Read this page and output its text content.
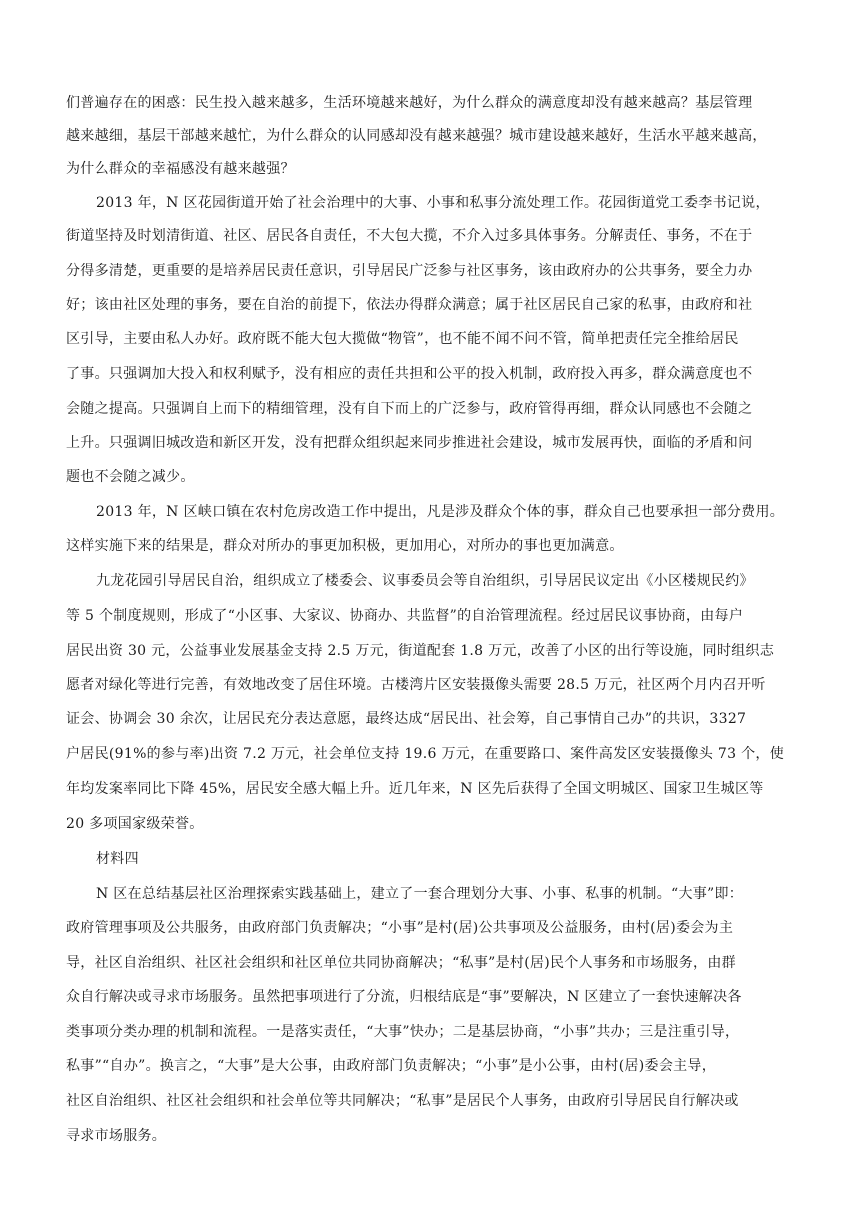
们普遍存在的困惑：民生投入越来越多，生活环境越来越好，为什么群众的满意度却没有越来越高？基层管理
越来越细，基层干部越来越忙，为什么群众的认同感却没有越来越强？城市建设越来越好，生活水平越来越高，
为什么群众的幸福感没有越来越强？
2013 年，N 区花园街道开始了社会治理中的大事、小事和私事分流处理工作。花园街道党工委李书记说，
街道坚持及时划清街道、社区、居民各自责任，不大包大揽，不介入过多具体事务。分解责任、事务，不在于
分得多清楚，更重要的是培养居民责任意识，引导居民广泛参与社区事务，该由政府办的公共事务，要全力办
好；该由社区处理的事务，要在自治的前提下，依法办得群众满意；属于社区居民自己家的私事，由政府和社
区引导，主要由私人办好。政府既不能大包大揽做“物管”，也不能不闻不问不管，简单把责任完全推给居民
了事。只强调加大投入和权利赋予，没有相应的责任共担和公平的投入机制，政府投入再多，群众满意度也不
会随之提高。只强调自上而下的精细管理，没有自下而上的广泛参与，政府管得再细，群众认同感也不会随之
上升。只强调旧城改造和新区开发，没有把群众组织起来同步推进社会建设，城市发展再快，面临的矛盾和问
题也不会随之减少。
2013 年，N 区峡口镇在农村危房改造工作中提出，凡是涉及群众个体的事，群众自己也要承担一部分费用。
这样实施下来的结果是，群众对所办的事更加积极，更加用心，对所办的事也更加满意。
九龙花园引导居民自治，组织成立了楼委会、议事委员会等自治组织，引导居民议定出《小区楼规民约》
等 5 个制度规则，形成了“小区事、大家议、协商办、共监督”的自治管理流程。经过居民议事协商，由每户
居民出资 30 元，公益事业发展基金支持 2.5 万元，街道配套 1.8 万元，改善了小区的出行等设施，同时组织志
愿者对绿化等进行完善，有效地改变了居住环境。古楼湾片区安装摄像头需要 28.5 万元，社区两个月内召开听
证会、协调会 30 余次，让居民充分表达意愿，最终达成“居民出、社会筹，自己事情自己办”的共识，3327
户居民(91%的参与率)出资 7.2 万元，社会单位支持 19.6 万元，在重要路口、案件高发区安装摄像头 73 个，使
年均发案率同比下降 45%，居民安全感大幅上升。近几年来，N 区先后获得了全国文明城区、国家卫生城区等
20 多项国家级荣誉。
材料四
N 区在总结基层社区治理探索实践基础上，建立了一套合理划分大事、小事、私事的机制。“大事”即：
政府管理事项及公共服务，由政府部门负责解决；“小事”是村(居)公共事项及公益服务，由村(居)委会为主
导，社区自治组织、社区社会组织和社区单位共同协商解决；“私事”是村(居)民个人事务和市场服务，由群
众自行解决或寻求市场服务。虽然把事项进行了分流，归根结底是“事”要解决，N 区建立了一套快速解决各
类事项分类办理的机制和流程。一是落实责任，“大事”快办；二是基层协商，“小事”共办；三是注重引导，
私事”“自办”。换言之，“大事”是大公事，由政府部门负责解决；“小事”是小公事，由村(居)委会主导，
社区自治组织、社区社会组织和社会单位等共同解决；“私事”是居民个人事务，由政府引导居民自行解决或
寻求市场服务。
